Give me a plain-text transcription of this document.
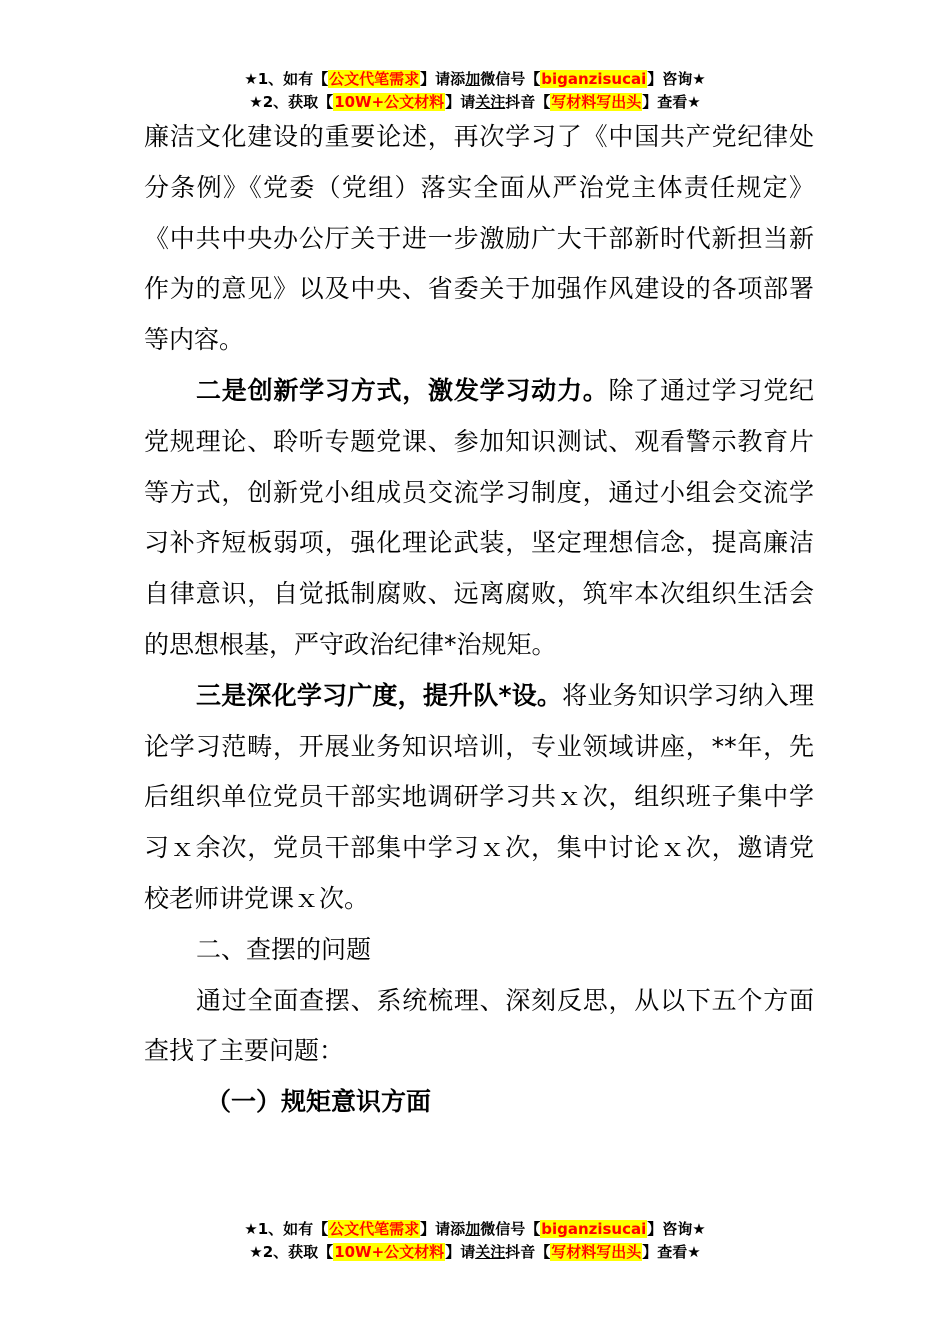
★1、如有【公文代笔需求】请添加微信号【biganzisucai】咨询★
★2、获取【10W+公文材料】请关注抖音【写材料写出头】查看★

廉洁文化建设的重要论述，再次学习了《中国共产党纪律处分条例》《党委（党组）落实全面从严治党主体责任规定》《中共中央办公厅关于进一步激励广大干部新时代新担当新作为的意见》以及中央、省委关于加强作风建设的各项部署等内容。

二是创新学习方式，激发学习动力。除了通过学习党纪党规理论、聆听专题党课、参加知识测试、观看警示教育片等方式，创新党小组成员交流学习制度，通过小组会交流学习补齐短板弱项，强化理论武装，坚定理想信念，提高廉洁自律意识，自觉抵制腐败、远离腐败，筑牢本次组织生活会的思想根基，严守政治纪律*治规矩。

三是深化学习广度，提升队*设。将业务知识学习纳入理论学习范畴，开展业务知识培训，专业领域讲座，**年，先后组织单位党员干部实地调研学习共ｘ次，组织班子集中学习ｘ余次，党员干部集中学习ｘ次，集中讨论ｘ次，邀请党校老师讲党课ｘ次。

二、查摆的问题

通过全面查摆、系统梳理、深刻反思，从以下五个方面查找了主要问题：

（一）规矩意识方面

★1、如有【公文代笔需求】请添加微信号【biganzisucai】咨询★
★2、获取【10W+公文材料】请关注抖音【写材料写出头】查看★
